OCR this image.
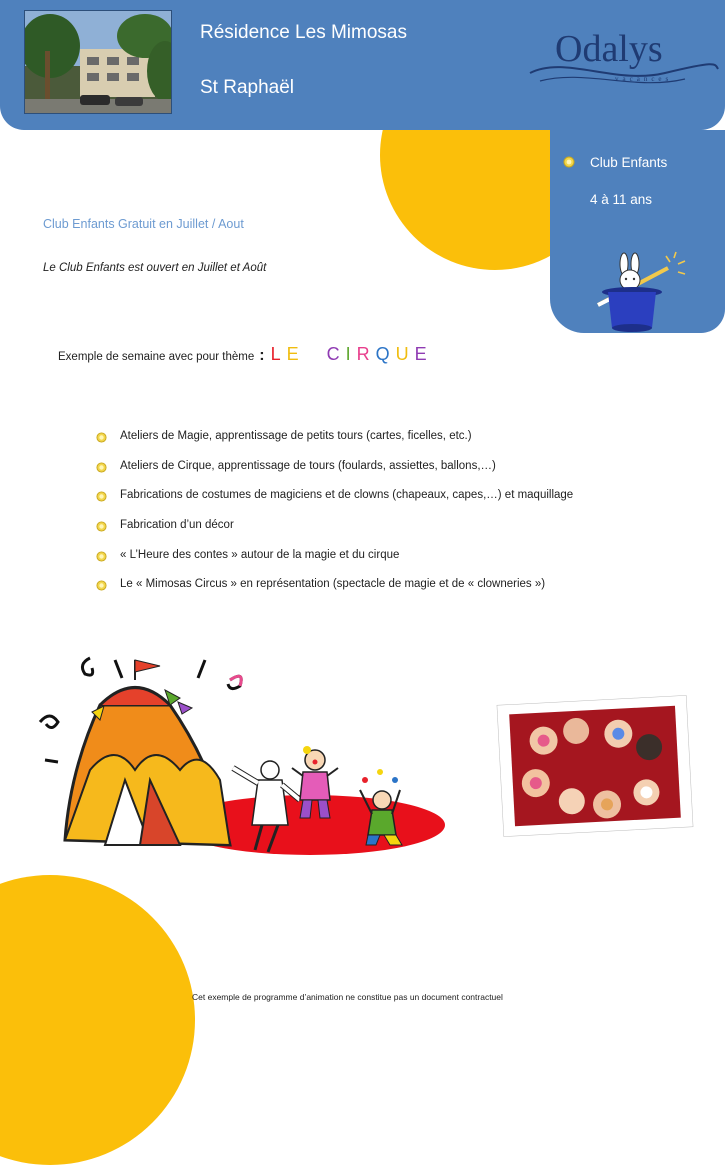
Résidence Les Mimosas
St Raphaël
Odalys
vacances
Club Enfants
4 à 11 ans
Club Enfants Gratuit en Juillet / Aout
Le Club Enfants est ouvert en Juillet et Août
Exemple de semaine avec pour thème : LE CIRQUE
Ateliers de Magie, apprentissage de petits tours (cartes, ficelles, etc.)
Ateliers de Cirque, apprentissage de tours (foulards, assiettes, ballons,…)
Fabrications de costumes de magiciens et de clowns (chapeaux, capes,…) et maquillage
Fabrication d’un décor
« L’Heure des contes » autour de la magie et du cirque
Le « Mimosas Circus » en représentation (spectacle de magie et de « clowneries »)
Cet exemple de programme d’animation ne constitue pas un document contractuel
